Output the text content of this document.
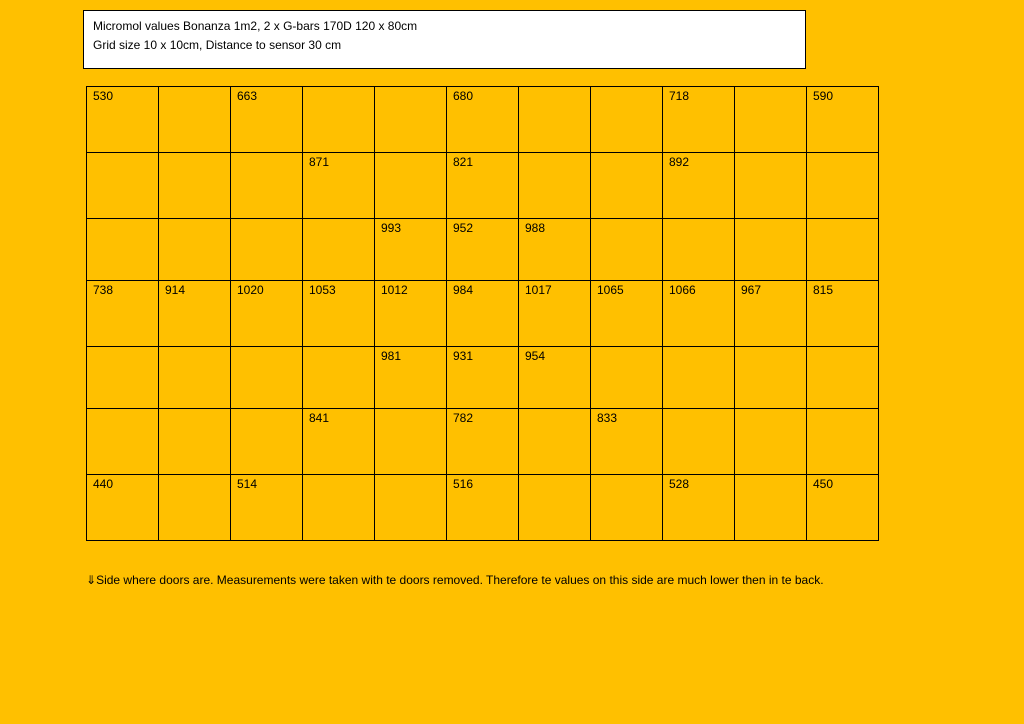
Micromol values Bonanza 1m2, 2 x G-bars 170D 120 x 80cm
Grid size 10 x 10cm, Distance to sensor 30 cm
530		663			680			718		590
			871		821			892		
				993	952	988				
738	914	1020	1053	1012	984	1017	1065	1066	967	815
				981	931	954				
			841		782		833			
440		514			516			528		450
⇓Side where doors are. Measurements were taken with te doors removed. Therefore te values on this side are much lower then in te back.
